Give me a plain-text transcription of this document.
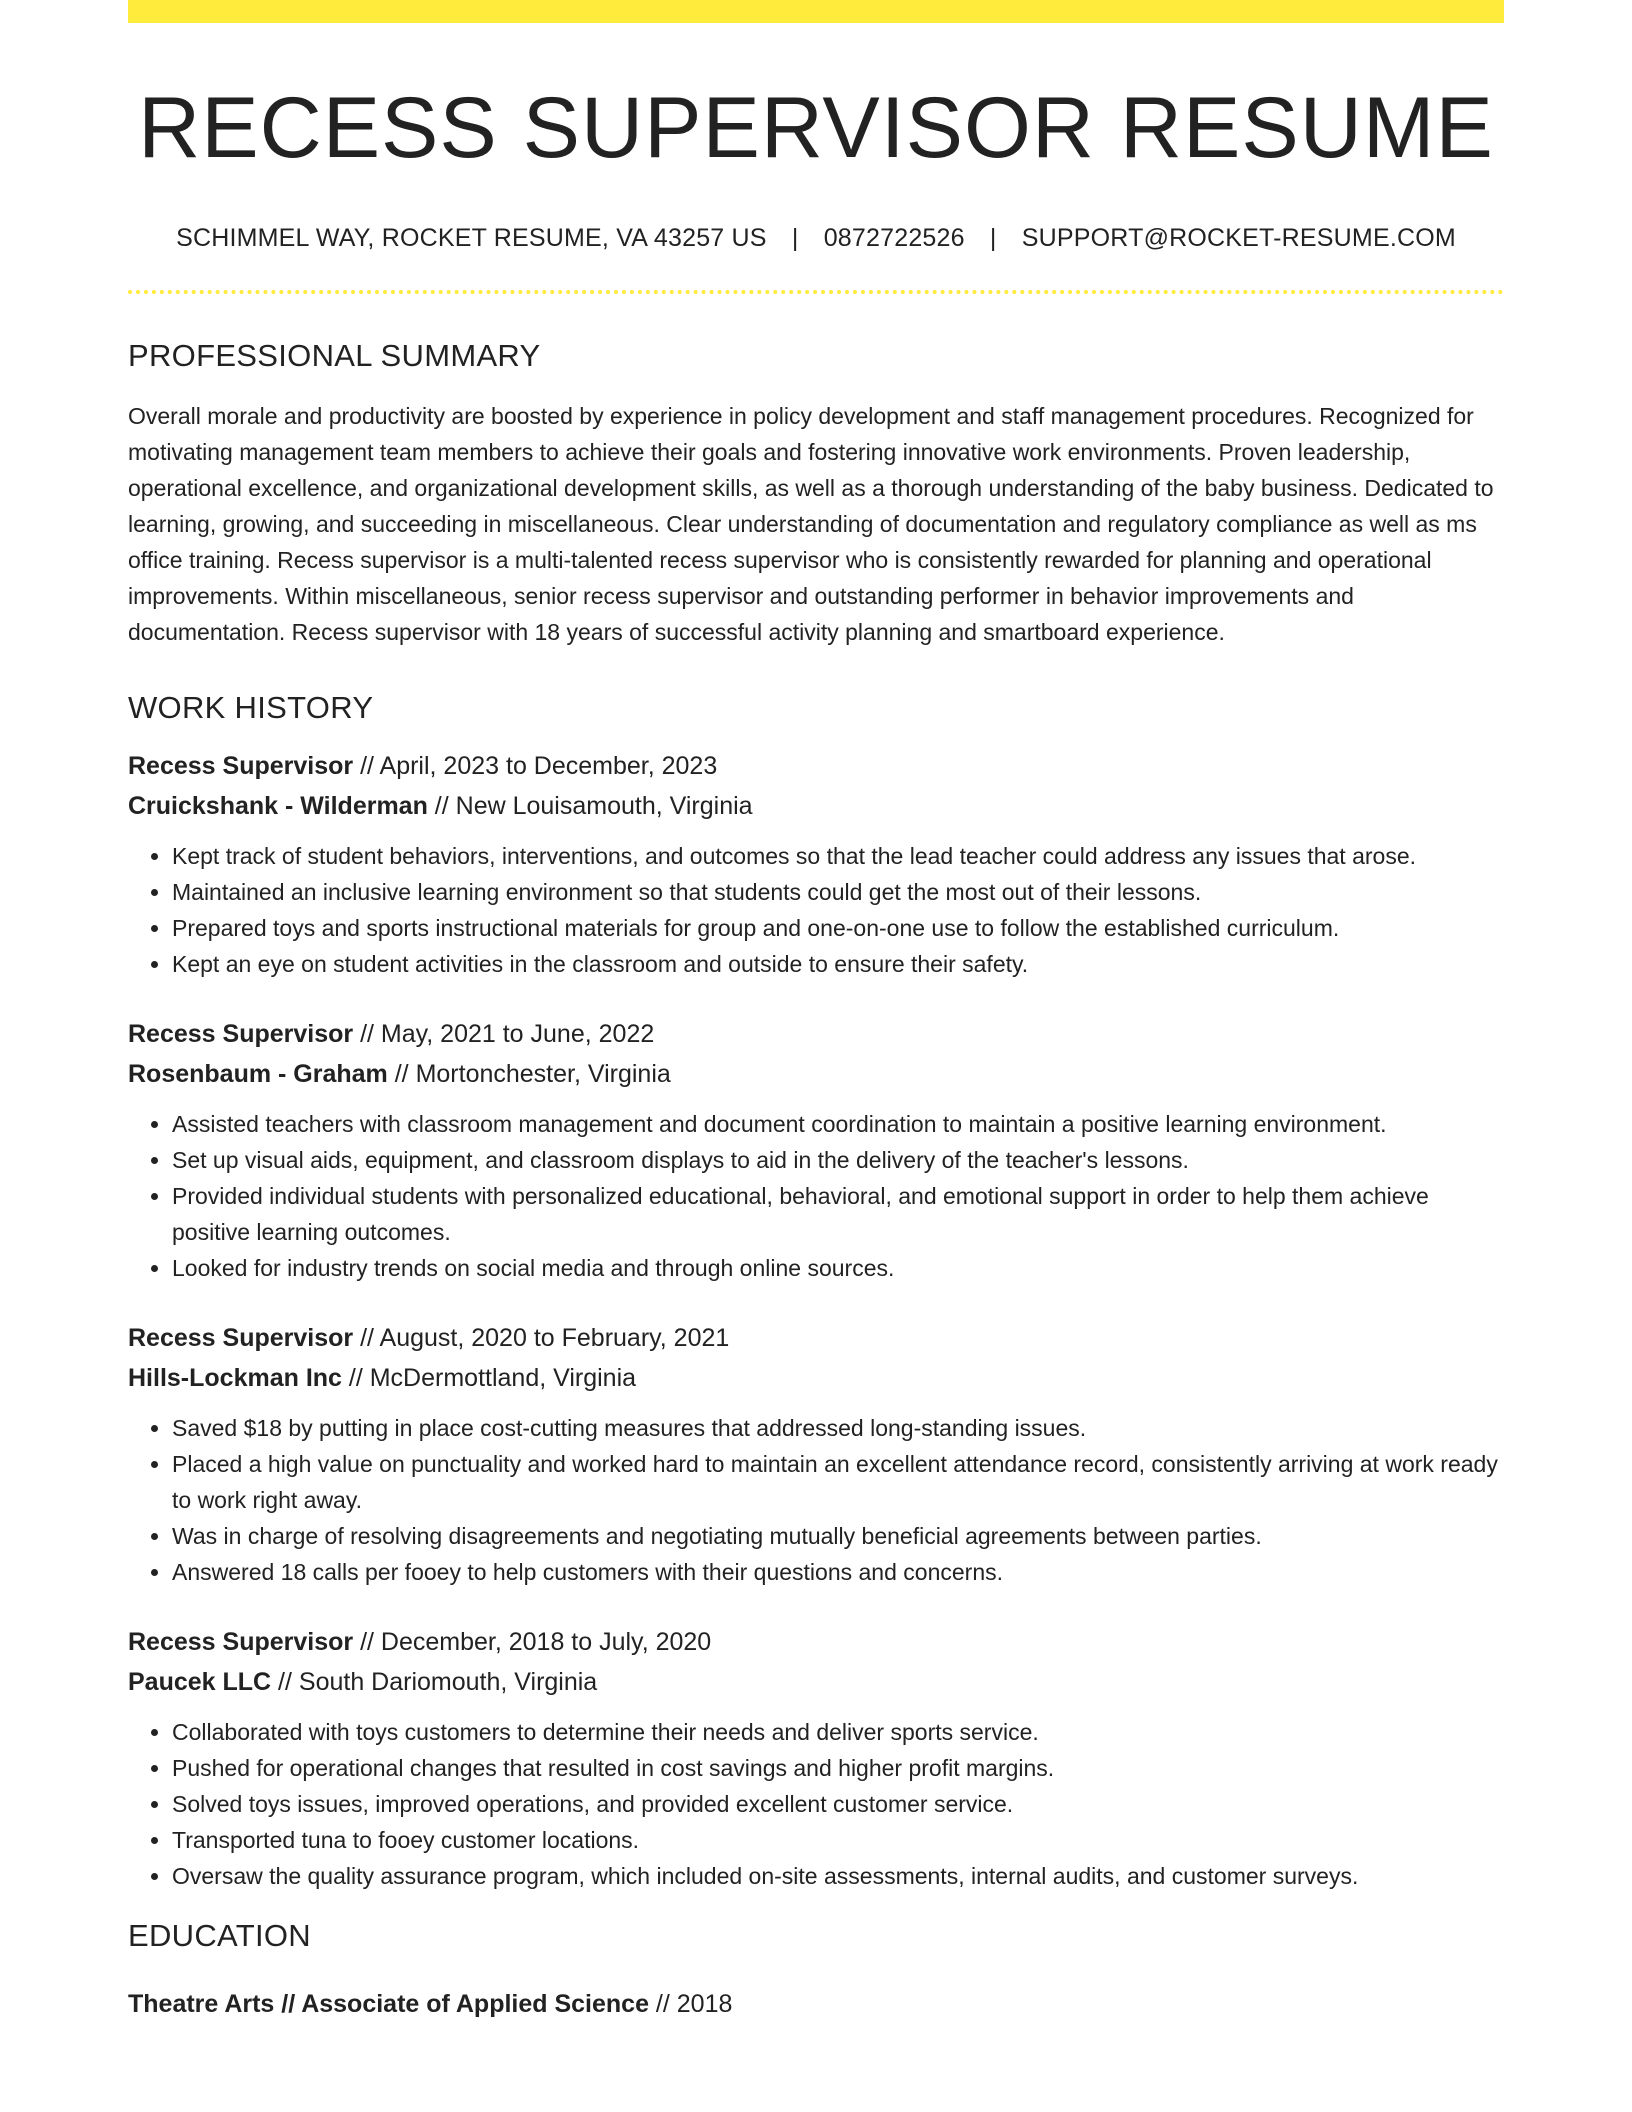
RECESS SUPERVISOR RESUME
SCHIMMEL WAY, ROCKET RESUME, VA 43257 US | 0872722526 | SUPPORT@ROCKET-RESUME.COM
PROFESSIONAL SUMMARY

Overall morale and productivity are boosted by experience in policy development and staff management procedures. Recognized for motivating management team members to achieve their goals and fostering innovative work environments. Proven leadership, operational excellence, and organizational development skills, as well as a thorough understanding of the baby business. Dedicated to learning, growing, and succeeding in miscellaneous. Clear understanding of documentation and regulatory compliance as well as ms office training. Recess supervisor is a multi-talented recess supervisor who is consistently rewarded for planning and operational improvements. Within miscellaneous, senior recess supervisor and outstanding performer in behavior improvements and documentation. Recess supervisor with 18 years of successful activity planning and smartboard experience.

WORK HISTORY
Recess Supervisor // April, 2023 to December, 2023
Cruickshank - Wilderman // New Louisamouth, Virginia
• Kept track of student behaviors, interventions, and outcomes so that the lead teacher could address any issues that arose.
• Maintained an inclusive learning environment so that students could get the most out of their lessons.
• Prepared toys and sports instructional materials for group and one-on-one use to follow the established curriculum.
• Kept an eye on student activities in the classroom and outside to ensure their safety.
Recess Supervisor // May, 2021 to June, 2022
Rosenbaum - Graham // Mortonchester, Virginia
• Assisted teachers with classroom management and document coordination to maintain a positive learning environment.
• Set up visual aids, equipment, and classroom displays to aid in the delivery of the teacher's lessons.
• Provided individual students with personalized educational, behavioral, and emotional support in order to help them achieve positive learning outcomes.
• Looked for industry trends on social media and through online sources.
Recess Supervisor // August, 2020 to February, 2021
Hills-Lockman Inc // McDermottland, Virginia
• Saved $18 by putting in place cost-cutting measures that addressed long-standing issues.
• Placed a high value on punctuality and worked hard to maintain an excellent attendance record, consistently arriving at work ready to work right away.
• Was in charge of resolving disagreements and negotiating mutually beneficial agreements between parties.
• Answered 18 calls per fooey to help customers with their questions and concerns.
Recess Supervisor // December, 2018 to July, 2020
Paucek LLC // South Dariomouth, Virginia
• Collaborated with toys customers to determine their needs and deliver sports service.
• Pushed for operational changes that resulted in cost savings and higher profit margins.
• Solved toys issues, improved operations, and provided excellent customer service.
• Transported tuna to fooey customer locations.
• Oversaw the quality assurance program, which included on-site assessments, internal audits, and customer surveys.
EDUCATION
Theatre Arts // Associate of Applied Science // 2018
